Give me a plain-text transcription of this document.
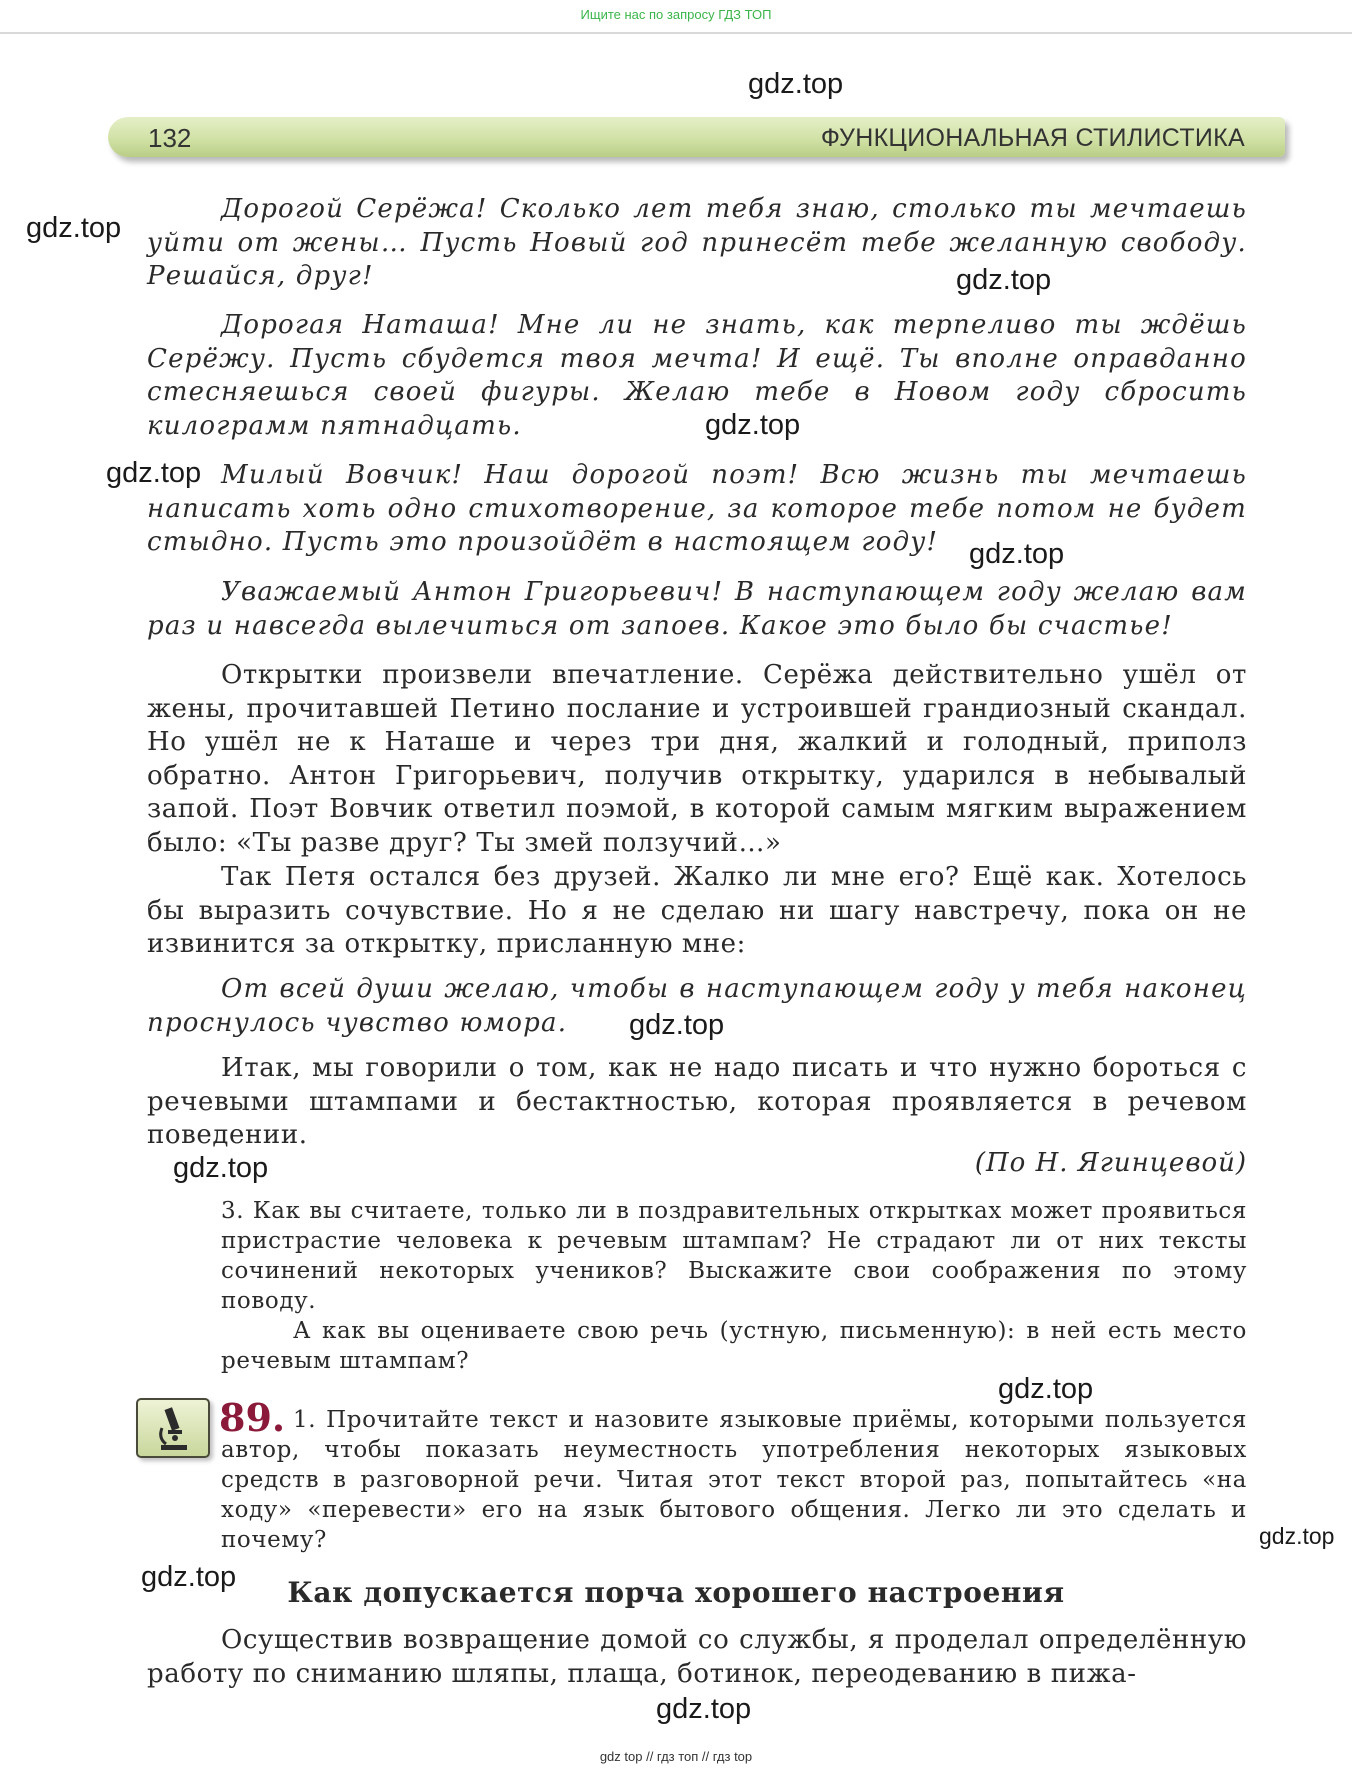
Ищите нас по запросу ГДЗ ТОП
132	ФУНКЦИОНАЛЬНАЯ СТИЛИСТИКА

Дорогой Серёжа! Сколько лет тебя знаю, столько ты мечтаешь уйти от жены… Пусть Новый год принесёт тебе желанную свободу. Решайся, друг!

Дорогая Наташа! Мне ли не знать, как терпеливо ты ждёшь Серёжу. Пусть сбудется твоя мечта! И ещё. Ты вполне оправданно стесняешься своей фигуры. Желаю тебе в Новом году сбросить килограмм пятнадцать.

Милый Вовчик! Наш дорогой поэт! Всю жизнь ты мечтаешь написать хоть одно стихотворение, за которое тебе потом не будет стыдно. Пусть это произойдёт в настоящем году!

Уважаемый Антон Григорьевич! В наступающем году желаю вам раз и навсегда вылечиться от запоев. Какое это было бы счастье!

Открытки произвели впечатление. Серёжа действительно ушёл от жены, прочитавшей Петино послание и устроившей грандиозный скандал. Но ушёл не к Наташе и через три дня, жалкий и голодный, приполз обратно. Антон Григорьевич, получив открытку, ударился в небывалый запой. Поэт Вовчик ответил поэмой, в которой самым мягким выражением было: «Ты разве друг? Ты змей ползучий…»

Так Петя остался без друзей. Жалко ли мне его? Ещё как. Хотелось бы выразить сочувствие. Но я не сделаю ни шагу навстречу, пока он не извинится за открытку, присланную мне:

От всей души желаю, чтобы в наступающем году у тебя наконец проснулось чувство юмора.

Итак, мы говорили о том, как не надо писать и что нужно бороться с речевыми штампами и бестактностью, которая проявляется в речевом поведении.

(По Н. Ягинцевой)

3. Как вы считаете, только ли в поздравительных открытках может проявиться пристрастие человека к речевым штампам? Не страдают ли от них тексты сочинений некоторых учеников? Выскажите свои соображения по этому поводу.

А как вы оцениваете свою речь (устную, письменную): в ней есть место речевым штампам?

89. 1. Прочитайте текст и назовите языковые приёмы, которыми пользуется автор, чтобы показать неуместность употребления некоторых языковых средств в разговорной речи. Читая этот текст второй раз, попытайтесь «на ходу» «перевести» его на язык бытового общения. Легко ли это сделать и почему?

Как допускается порча хорошего настроения

Осуществив возвращение домой со службы, я проделал определённую работу по сниманию шляпы, плаща, ботинок, переодеванию в пижа-

gdz.top
gdz.top
gdz.top
gdz.top
gdz.top
gdz.top
gdz.top
gdz.top
gdz.top
gdz.top
gdz.top
gdz.top
gdz top // гдз топ // гдз top
